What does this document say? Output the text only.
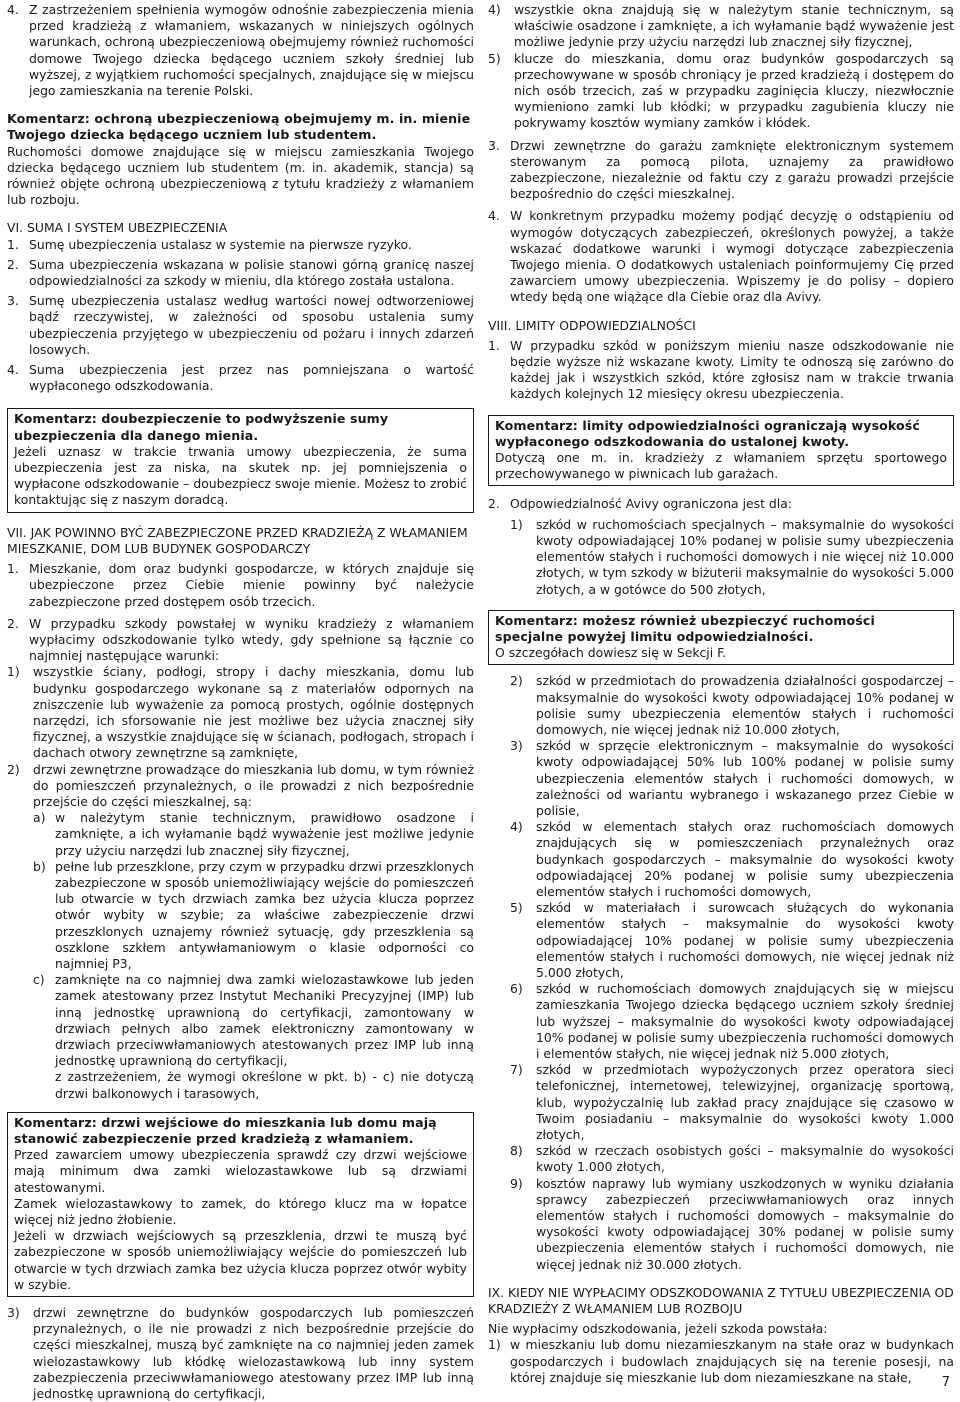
4. Z zastrzeżeniem spełnienia wymogów odnośnie zabezpieczenia mienia przed kradzieżą z włamaniem, wskazanych w niniejszych ogólnych warunkach, ochroną ubezpieczeniową obejmujemy również ruchomości domowe Twojego dziecka będącego uczniem szkoły średniej lub wyższej, z wyjątkiem ruchomości specjalnych, znajdujące się w miejscu jego zamieszkania na terenie Polski.

Komentarz: ochroną ubezpieczeniową obejmujemy m. in. mienie Twojego dziecka będącego uczniem lub studentem.

Ruchomości domowe znajdujące się w miejscu zamieszkania Twojego dziecka będącego uczniem lub studentem (m. in. akademik, stancja) są również objęte ochroną ubezpieczeniową z tytułu kradzieży z włamaniem lub rozboju.

VI. SUMA I SYSTEM UBEZPIECZENIA

1. Sumę ubezpieczenia ustalasz w systemie na pierwsze ryzyko.
2. Suma ubezpieczenia wskazana w polisie stanowi górną granicę naszej odpowiedzialności za szkody w mieniu, dla którego została ustalona.
3. Sumę ubezpieczenia ustalasz według wartości nowej odtworzeniowej bądź rzeczywistej, w zależności od sposobu ustalenia sumy ubezpieczenia przyjętego w ubezpieczeniu od pożaru i innych zdarzeń losowych.
4. Suma ubezpieczenia jest przez nas pomniejszana o wartość wypłaconego odszkodowania.

Komentarz: doubezpieczenie to podwyższenie sumy ubezpieczenia dla danego mienia.

Jeżeli uznasz w trakcie trwania umowy ubezpieczenia, że suma ubezpieczenia jest za niska, na skutek np. jej pomniejszenia o wypłacone odszkodowanie – doubezpiecz swoje mienie. Możesz to zrobić kontaktując się z naszym doradcą.

VII. JAK POWINNO BYĆ ZABEZPIECZONE PRZED KRADZIEŻĄ Z WŁAMANIEM MIESZKANIE, DOM LUB BUDYNEK GOSPODARCZY

1. Mieszkanie, dom oraz budynki gospodarcze, w których znajduje się ubezpieczone przez Ciebie mienie powinny być należycie zabezpieczone przed dostępem osób trzecich.
2. W przypadku szkody powstałej w wyniku kradzieży z włamaniem wypłacimy odszkodowanie tylko wtedy, gdy spełnione są łącznie co najmniej następujące warunki:
1) wszystkie ściany, podłogi, stropy i dachy mieszkania, domu lub budynku gospodarczego wykonane są z materiałów odpornych na zniszczenie lub wyważenie za pomocą prostych, ogólnie dostępnych narzędzi, ich sforsowanie nie jest możliwe bez użycia znacznej siły fizycznej, a wszystkie znajdujące się w ścianach, podłogach, stropach i dachach otwory zewnętrzne są zamknięte,
2) drzwi zewnętrzne prowadzące do mieszkania lub domu, w tym również do pomieszczeń przynależnych, o ile prowadzi z nich bezpośrednie przejście do części mieszkalnej, są:
a) w należytym stanie technicznym, prawidłowo osadzone i zamknięte, a ich wyłamanie bądź wyważenie jest możliwe jedynie przy użyciu narzędzi lub znacznej siły fizycznej,
b) pełne lub przeszklone, przy czym w przypadku drzwi przeszklonych zabezpieczone w sposób uniemożliwiający wejście do pomieszczeń lub otwarcie w tych drzwiach zamka bez użycia klucza poprzez otwór wybity w szybie; za właściwe zabezpieczenie drzwi przeszklonych uznajemy również sytuację, gdy przeszklenia są oszklone szkłem antywłamaniowym o klasie odporności co najmniej P3,
c) zamknięte na co najmniej dwa zamki wielozastawkowe lub jeden zamek atestowany przez Instytut Mechaniki Precyzyjnej (IMP) lub inną jednostkę uprawnioną do certyfikacji, zamontowany w drzwiach pełnych albo zamek elektroniczny zamontowany w drzwiach przeciwwłamaniowych atestowanych przez IMP lub inną jednostkę uprawnioną do certyfikacji,

z zastrzeżeniem, że wymogi określone w pkt. b) - c) nie dotyczą drzwi balkonowych i tarasowych,

Komentarz: drzwi wejściowe do mieszkania lub domu mają stanowić zabezpieczenie przed kradzieżą z włamaniem.

Przed zawarciem umowy ubezpieczenia sprawdź czy drzwi wejściowe mają minimum dwa zamki wielozastawkowe lub są drzwiami atestowanymi.

Zamek wielozastawkowy to zamek, do którego klucz ma w łopatce więcej niż jedno żłobienie.

Jeżeli w drzwiach wejściowych są przeszklenia, drzwi te muszą być zabezpieczone w sposób uniemożliwiający wejście do pomieszczeń lub otwarcie w tych drzwiach zamka bez użycia klucza poprzez otwór wybity w szybie.

3) drzwi zewnętrzne do budynków gospodarczych lub pomieszczeń przynależnych, o ile nie prowadzi z nich bezpośrednie przejście do części mieszkalnej, muszą być zamknięte na co najmniej jeden zamek wielozastawkowy lub kłódkę wielozastawkową lub inny system zabezpieczenia przeciwwłamaniowego atestowany przez IMP lub inną jednostkę uprawnioną do certyfikacji,
4) wszystkie okna znajdują się w należytym stanie technicznym, są właściwie osadzone i zamknięte, a ich wyłamanie bądź wyważenie jest możliwe jedynie przy użyciu narzędzi lub znacznej siły fizycznej,
5) klucze do mieszkania, domu oraz budynków gospodarczych są przechowywane w sposób chroniący je przed kradzieżą i dostępem do nich osób trzecich, zaś w przypadku zaginięcia kluczy, niezwłocznie wymieniono zamki lub kłódki; w przypadku zagubienia kluczy nie pokrywamy kosztów wymiany zamków i kłódek.
3. Drzwi zewnętrzne do garażu zamknięte elektronicznym systemem sterowanym za pomocą pilota, uznajemy za prawidłowo zabezpieczone, niezależnie od faktu czy z garażu prowadzi przejście bezpośrednio do części mieszkalnej.
4. W konkretnym przypadku możemy podjąć decyzję o odstąpieniu od wymogów dotyczących zabezpieczeń, określonych powyżej, a także wskazać dodatkowe warunki i wymogi dotyczące zabezpieczenia Twojego mienia. O dodatkowych ustaleniach poinformujemy Cię przed zawarciem umowy ubezpieczenia. Wpiszemy je do polisy – dopiero wtedy będą one wiążące dla Ciebie oraz dla Avivy.

VIII. LIMITY ODPOWIEDZIALNOŚCI

1. W przypadku szkód w poniższym mieniu nasze odszkodowanie nie będzie wyższe niż wskazane kwoty. Limity te odnoszą się zarówno do każdej jak i wszystkich szkód, które zgłosisz nam w trakcie trwania każdych kolejnych 12 miesięcy okresu ubezpieczenia.

Komentarz: limity odpowiedzialności ograniczają wysokość wypłaconego odszkodowania do ustalonej kwoty.

Dotyczą one m. in. kradzieży z włamaniem sprzętu sportowego przechowywanego w piwnicach lub garażach.

2. Odpowiedzialność Avivy ograniczona jest dla:
1) szkód w ruchomościach specjalnych – maksymalnie do wysokości kwoty odpowiadającej 10% podanej w polisie sumy ubezpieczenia elementów stałych i ruchomości domowych i nie więcej niż 10.000 złotych, w tym szkody w biżuterii maksymalnie do wysokości 5.000 złotych, a w gotówce do 500 złotych,

Komentarz: możesz również ubezpieczyć ruchomości specjalne powyżej limitu odpowiedzialności.

O szczegółach dowiesz się w Sekcji F.

2) szkód w przedmiotach do prowadzenia działalności gospodarczej – maksymalnie do wysokości kwoty odpowiadającej 10% podanej w polisie sumy ubezpieczenia elementów stałych i ruchomości domowych, nie więcej jednak niż 10.000 złotych,
3) szkód w sprzęcie elektronicznym – maksymalnie do wysokości kwoty odpowiadającej 50% lub 100% podanej w polisie sumy ubezpieczenia elementów stałych i ruchomości domowych, w zależności od wariantu wybranego i wskazanego przez Ciebie w polisie,
4) szkód w elementach stałych oraz ruchomościach domowych znajdujących się w pomieszczeniach przynależnych oraz budynkach gospodarczych – maksymalnie do wysokości kwoty odpowiadającej 20% podanej w polisie sumy ubezpieczenia elementów stałych i ruchomości domowych,
5) szkód w materiałach i surowcach służących do wykonania elementów stałych – maksymalnie do wysokości kwoty odpowiadającej 10% podanej w polisie sumy ubezpieczenia elementów stałych i ruchomości domowych, nie więcej jednak niż 5.000 złotych,
6) szkód w ruchomościach domowych znajdujących się w miejscu zamieszkania Twojego dziecka będącego uczniem szkoły średniej lub wyższej – maksymalnie do wysokości kwoty odpowiadającej 10% podanej w polisie sumy ubezpieczenia ruchomości domowych i elementów stałych, nie więcej jednak niż 5.000 złotych,
7) szkód w przedmiotach wypożyczonych przez operatora sieci telefonicznej, internetowej, telewizyjnej, organizację sportową, klub, wypożyczalnię lub zakład pracy znajdujące się czasowo w Twoim posiadaniu – maksymalnie do wysokości kwoty 1.000 złotych,
8) szkód w rzeczach osobistych gości – maksymalnie do wysokości kwoty 1.000 złotych,
9) kosztów naprawy lub wymiany uszkodzonych w wyniku działania sprawcy zabezpieczeń przeciwwłamaniowych oraz innych elementów stałych i ruchomości domowych – maksymalnie do wysokości kwoty odpowiadającej 30% podanej w polisie sumy ubezpieczenia elementów stałych i ruchomości domowych, nie więcej jednak niż 30.000 złotych.

IX. KIEDY NIE WYPŁACIMY ODSZKODOWANIA Z TYTUŁU UBEZPIECZENIA OD KRADZIEŻY Z WŁAMANIEM LUB ROZBOJU

Nie wypłacimy odszkodowania, jeżeli szkoda powstała:

1) w mieszkaniu lub domu niezamieszkanym na stałe oraz w budynkach gospodarczych i budowlach znajdujących się na terenie posesji, na której znajduje się mieszkanie lub dom niezamieszkane na stałe,	7
